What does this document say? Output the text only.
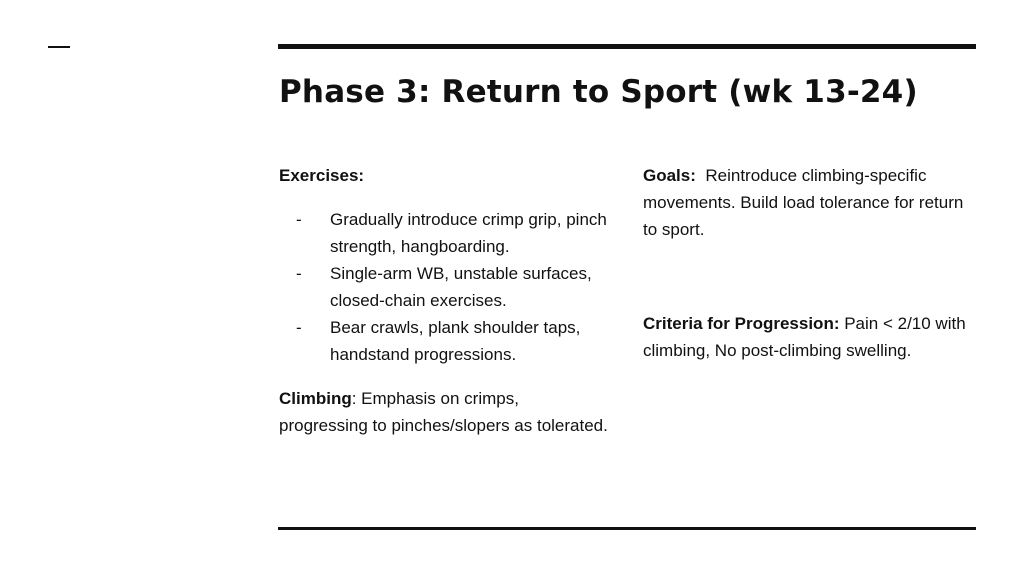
Phase 3: Return to Sport (wk 13-24)

Exercises:

- Gradually introduce crimp grip, pinch strength, hangboarding.
- Single-arm WB, unstable surfaces, closed-chain exercises.
- Bear crawls, plank shoulder taps, handstand progressions.

Climbing: Emphasis on crimps, progressing to pinches/slopers as tolerated.

Goals:  Reintroduce climbing-specific movements. Build load tolerance for return to sport.

Criteria for Progression: Pain < 2/10 with climbing, No post-climbing swelling.
